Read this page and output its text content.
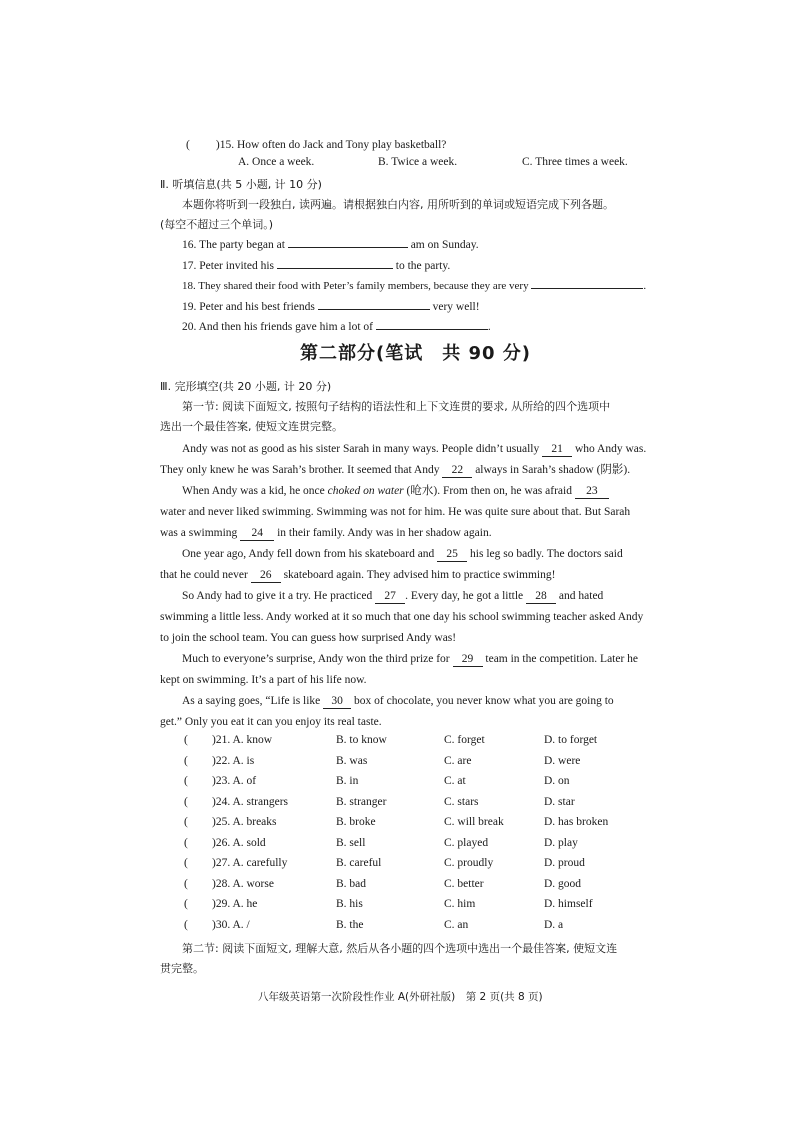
( )15. How often do Jack and Tony play basketball?
A. Once a week.	B. Twice a week.	C. Three times a week.
Ⅱ. 听填信息(共 5 小题, 计 10 分)
本题你将听到一段独白, 读两遍。请根据独白内容, 用所听到的单词或短语完成下列各题。
(每空不超过三个单词。)
16. The party began at	am on Sunday.
17. Peter invited his	to the party.
18. They shared their food with Peter’s family members, because they are very	.
19. Peter and his best friends	very well!
20. And then his friends gave him a lot of	.
第二部分(笔试　共 90 分)
Ⅲ. 完形填空(共 20 小题, 计 20 分)
第一节: 阅读下面短文, 按照句子结构的语法性和上下文连贯的要求, 从所给的四个选项中
选出一个最佳答案, 使短文连贯完整。
Andy was not as good as his sister Sarah in many ways. People didn’t usually 21 who Andy was.
They only knew he was Sarah’s brother. It seemed that Andy 22 always in Sarah’s shadow (阴影).
When Andy was a kid, he once choked on water (呛水). From then on, he was afraid 23
water and never liked swimming. Swimming was not for him. He was quite sure about that. But Sarah
was a swimming 24 in their family. Andy was in her shadow again.
One year ago, Andy fell down from his skateboard and 25 his leg so badly. The doctors said
that he could never 26 skateboard again. They advised him to practice swimming!
So Andy had to give it a try. He practiced 27 . Every day, he got a little 28 and hated
swimming a little less. Andy worked at it so much that one day his school swimming teacher asked Andy
to join the school team. You can guess how surprised Andy was!
Much to everyone’s surprise, Andy won the third prize for 29 team in the competition. Later he
kept on swimming. It’s a part of his life now.
As a saying goes, “Life is like 30 box of chocolate, you never know what you are going to
get.” Only you eat it can you enjoy its real taste.
( )21. A. know	B. to know	C. forget	D. to forget
( )22. A. is	B. was	C. are	D. were
( )23. A. of	B. in	C. at	D. on
( )24. A. strangers	B. stranger	C. stars	D. star
( )25. A. breaks	B. broke	C. will break	D. has broken
( )26. A. sold	B. sell	C. played	D. play
( )27. A. carefully	B. careful	C. proudly	D. proud
( )28. A. worse	B. bad	C. better	D. good
( )29. A. he	B. his	C. him	D. himself
( )30. A. /	B. the	C. an	D. a
第二节: 阅读下面短文, 理解大意, 然后从各小题的四个选项中选出一个最佳答案, 使短文连
贯完整。
八年级英语第一次阶段性作业 A(外研社版)　第 2 页(共 8 页)
